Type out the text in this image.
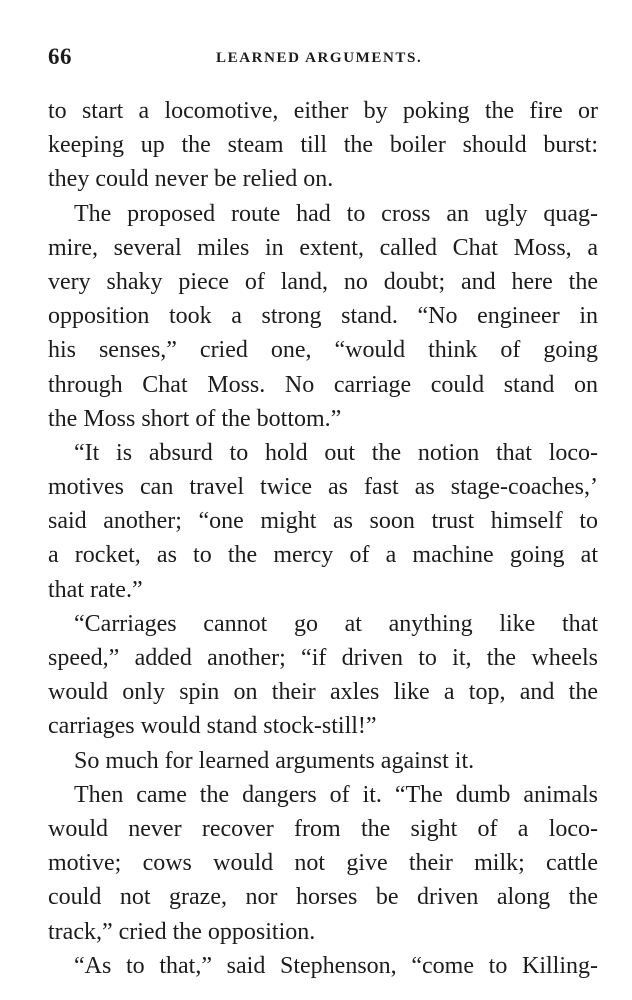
66	LEARNED ARGUMENTS.
to start a locomotive, either by poking the fire or
keeping up the steam till the boiler should burst:
they could never be relied on.
The proposed route had to cross an ugly quag-
mire, several miles in extent, called Chat Moss, a
very shaky piece of land, no doubt; and here the
opposition took a strong stand. “No engineer in
his senses,” cried one, “would think of going
through Chat Moss. No carriage could stand on
the Moss short of the bottom.”
“It is absurd to hold out the notion that loco-
motives can travel twice as fast as stage-coaches,’
said another; “one might as soon trust himself to
a rocket, as to the mercy of a machine going at
that rate.”
“Carriages cannot go at anything like that
speed,” added another; “if driven to it, the wheels
would only spin on their axles like a top, and the
carriages would stand stock-still!”
So much for learned arguments against it.
Then came the dangers of it. “The dumb animals
would never recover from the sight of a loco-
motive; cows would not give their milk; cattle
could not graze, nor horses be driven along the
track,” cried the opposition.
“As to that,” said Stephenson, “come to Killing-
